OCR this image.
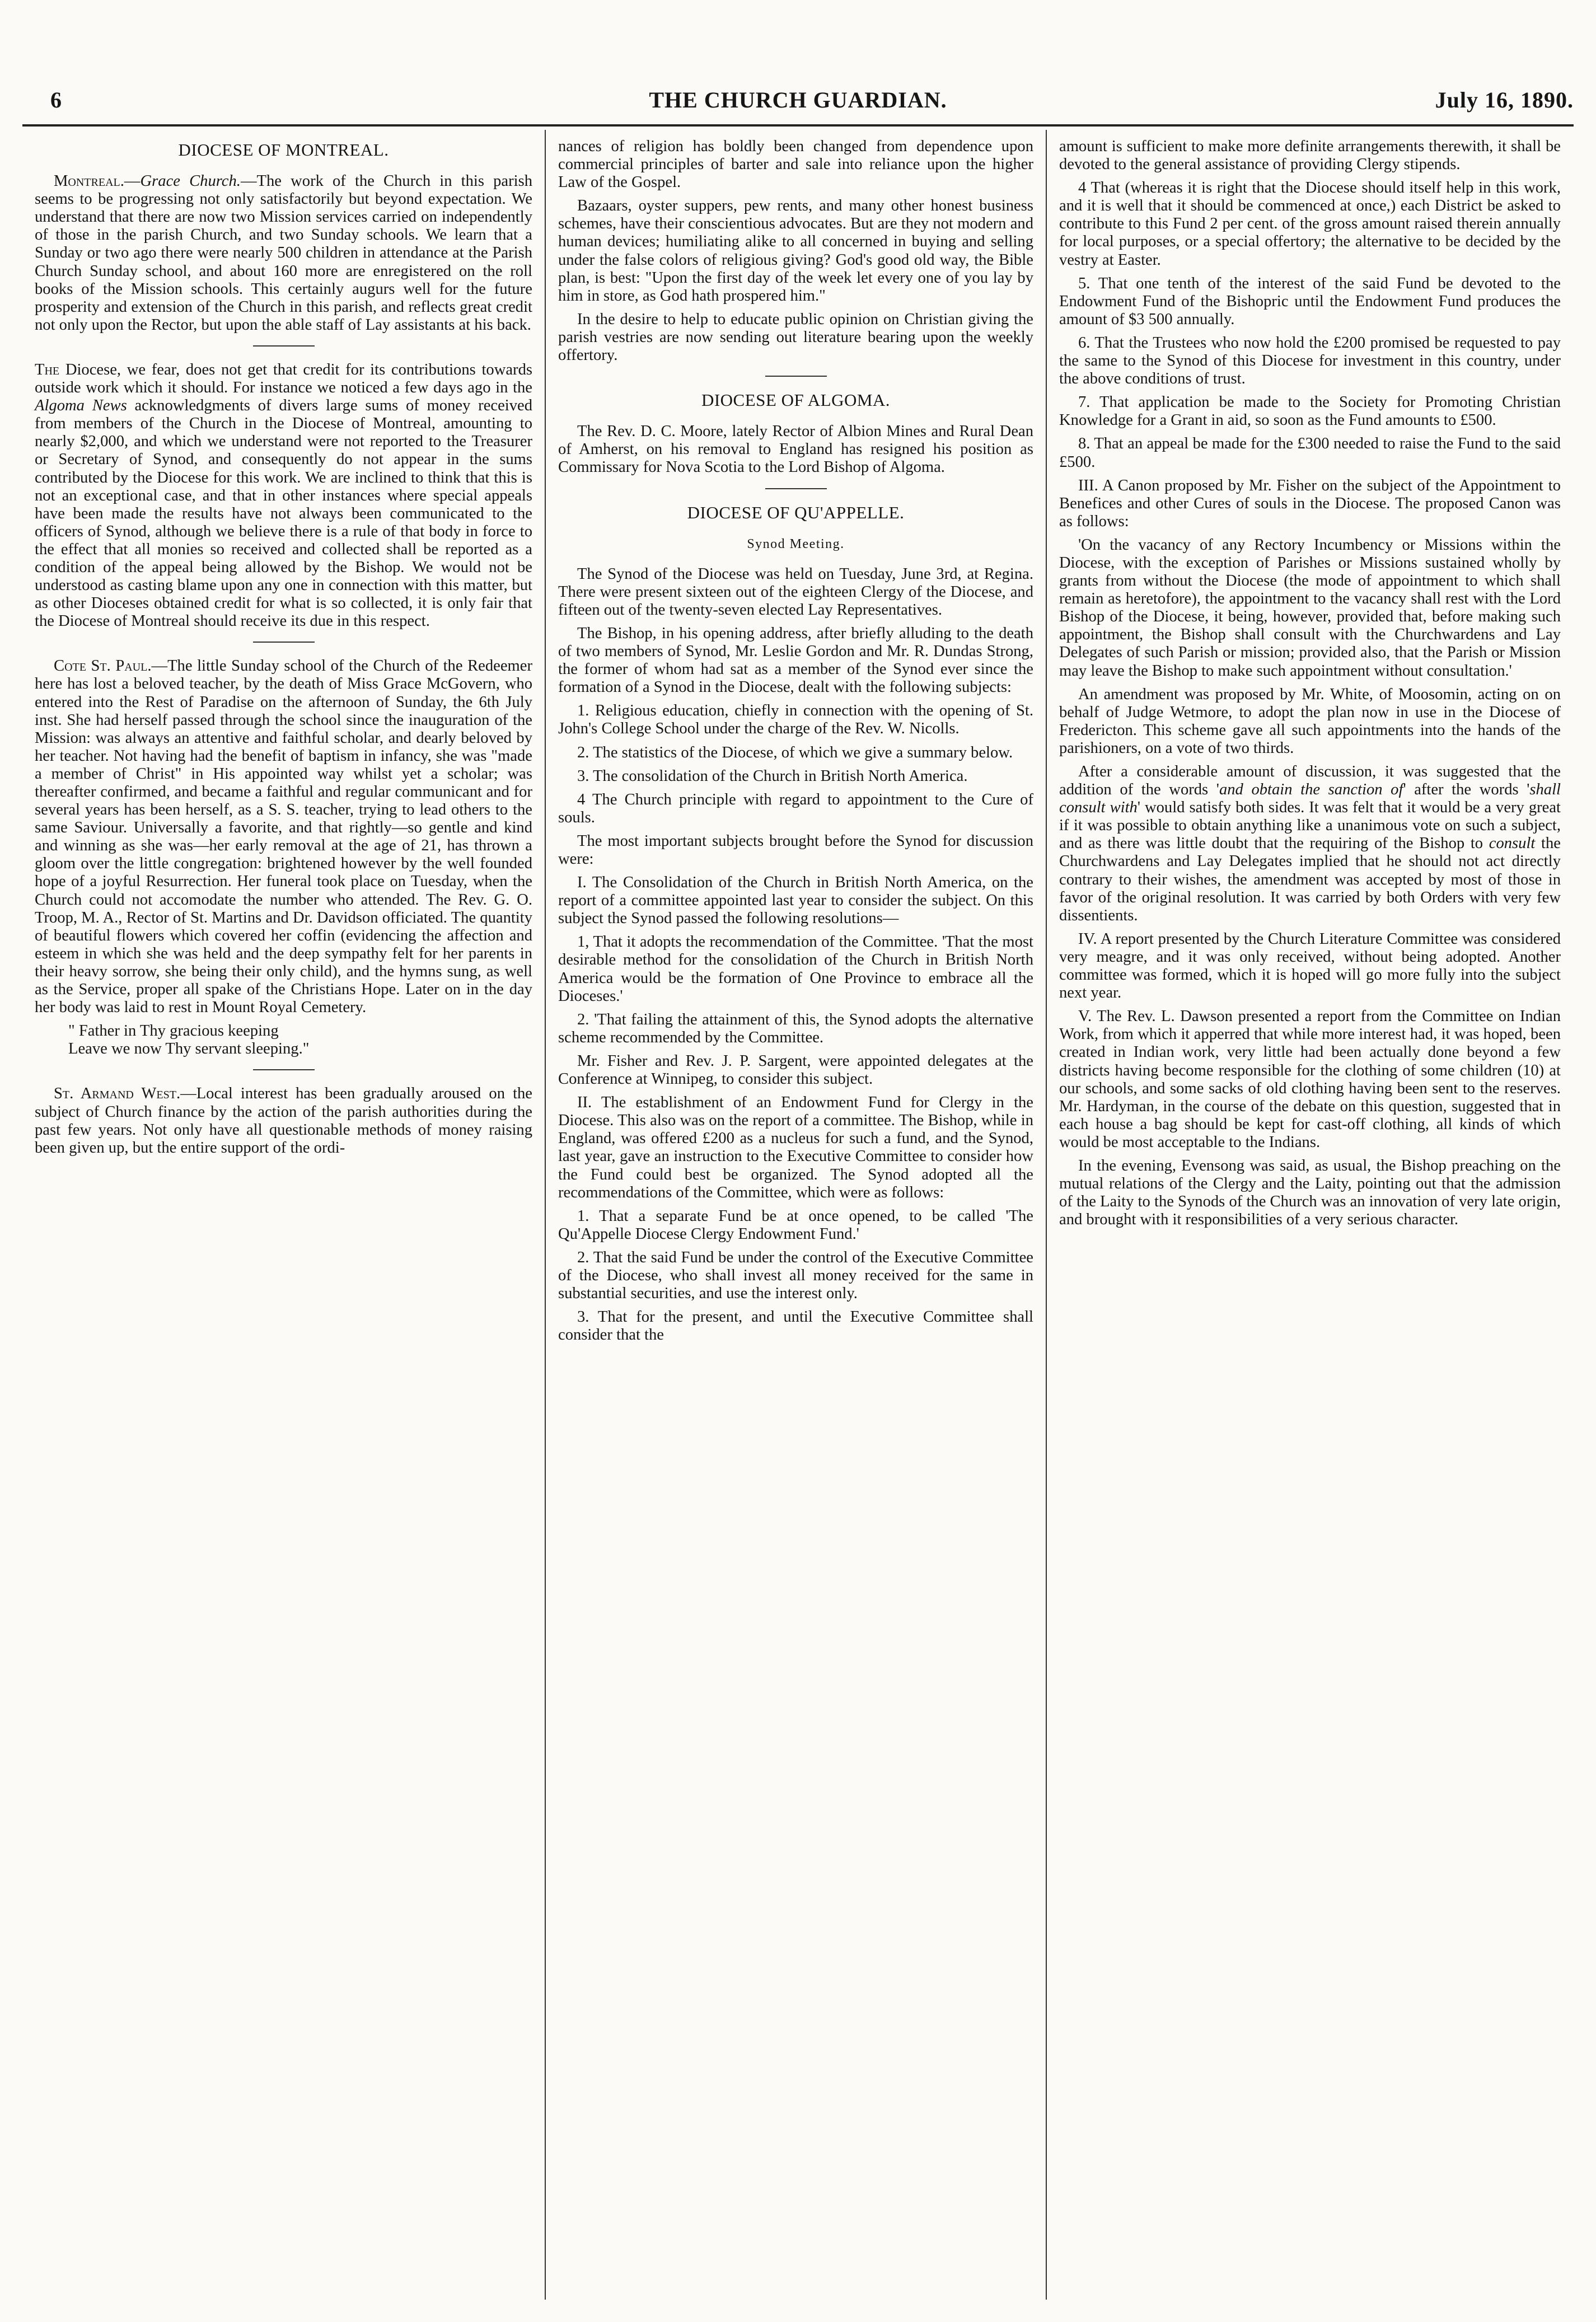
6	THE CHURCH GUARDIAN.	July 16, 1890.
DIOCESE OF MONTREAL.

Montreal.—Grace Church.—The work of the Church in this parish seems to be progressing not only satisfactorily but beyond expectation. We understand that there are now two Mission services carried on independently of those in the parish Church, and two Sunday schools. We learn that a Sunday or two ago there were nearly 500 children in attendance at the Parish Church Sunday school, and about 160 more are enregistered on the roll books of the Mission schools. This certainly augurs well for the future prosperity and extension of the Church in this parish, and reflects great credit not only upon the Rector, but upon the able staff of Lay assistants at his back.

The Diocese, we fear, does not get that credit for its contributions towards outside work which it should. For instance we noticed a few days ago in the Algoma News acknowledgments of divers large sums of money received from members of the Church in the Diocese of Montreal, amounting to nearly $2,000, and which we understand were not reported to the Treasurer or Secretary of Synod, and consequently do not appear in the sums contributed by the Diocese for this work. We are inclined to think that this is not an exceptional case, and that in other instances where special appeals have been made the results have not always been communicated to the officers of Synod, although we believe there is a rule of that body in force to the effect that all monies so received and collected shall be reported as a condition of the appeal being allowed by the Bishop. We would not be understood as casting blame upon any one in connection with this matter, but as other Dioceses obtained credit for what is so collected, it is only fair that the Diocese of Montreal should receive its due in this respect.

Cote St. Paul.—The little Sunday school of the Church of the Redeemer here has lost a beloved teacher, by the death of Miss Grace McGovern, who entered into the Rest of Paradise on the afternoon of Sunday, the 6th July inst. She had herself passed through the school since the inauguration of the Mission: was always an attentive and faithful scholar, and dearly beloved by her teacher. Not having had the benefit of baptism in infancy, she was "made a member of Christ" in His appointed way whilst yet a scholar; was thereafter confirmed, and became a faithful and regular communicant and for several years has been herself, as a S. S. teacher, trying to lead others to the same Saviour. Universally a favorite, and that rightly—so gentle and kind and winning as she was—her early removal at the age of 21, has thrown a gloom over the little congregation: brightened however by the well founded hope of a joyful Resurrection. Her funeral took place on Tuesday, when the Church could not accomodate the number who attended. The Rev. G. O. Troop, M. A., Rector of St. Martins and Dr. Davidson officiated. The quantity of beautiful flowers which covered her coffin (evidencing the affection and esteem in which she was held and the deep sympathy felt for her parents in their heavy sorrow, she being their only child), and the hymns sung, as well as the Service, proper all spake of the Christians Hope. Later on in the day her body was laid to rest in Mount Royal Cemetery.

" Father in Thy gracious keeping
Leave we now Thy servant sleeping."

St. Armand West.—Local interest has been gradually aroused on the subject of Church finance by the action of the parish authorities during the past few years. Not only have all questionable methods of money raising been given up, but the entire support of the ordi-

nances of religion has boldly been changed from dependence upon commercial principles of barter and sale into reliance upon the higher Law of the Gospel.

Bazaars, oyster suppers, pew rents, and many other honest business schemes, have their conscientious advocates. But are they not modern and human devices; humiliating alike to all concerned in buying and selling under the false colors of religious giving? God's good old way, the Bible plan, is best: "Upon the first day of the week let every one of you lay by him in store, as God hath prospered him."

In the desire to help to educate public opinion on Christian giving the parish vestries are now sending out literature bearing upon the weekly offertory.

DIOCESE OF ALGOMA.

The Rev. D. C. Moore, lately Rector of Albion Mines and Rural Dean of Amherst, on his removal to England has resigned his position as Commissary for Nova Scotia to the Lord Bishop of Algoma.

DIOCESE OF QU'APPELLE.
Synod Meeting.

The Synod of the Diocese was held on Tuesday, June 3rd, at Regina. There were present sixteen out of the eighteen Clergy of the Diocese, and fifteen out of the twenty-seven elected Lay Representatives.

The Bishop, in his opening address, after briefly alluding to the death of two members of Synod, Mr. Leslie Gordon and Mr. R. Dundas Strong, the former of whom had sat as a member of the Synod ever since the formation of a Synod in the Diocese, dealt with the following subjects:

1. Religious education, chiefly in connection with the opening of St. John's College School under the charge of the Rev. W. Nicolls.

2. The statistics of the Diocese, of which we give a summary below.

3. The consolidation of the Church in British North America.

4 The Church principle with regard to appointment to the Cure of souls.

The most important subjects brought before the Synod for discussion were:

I. The Consolidation of the Church in British North America, on the report of a committee appointed last year to consider the subject. On this subject the Synod passed the following resolutions—

1, That it adopts the recommendation of the Committee. 'That the most desirable method for the consolidation of the Church in British North America would be the formation of One Province to embrace all the Dioceses.'

2. 'That failing the attainment of this, the Synod adopts the alternative scheme recommended by the Committee.

Mr. Fisher and Rev. J. P. Sargent, were appointed delegates at the Conference at Winnipeg, to consider this subject.

II. The establishment of an Endowment Fund for Clergy in the Diocese. This also was on the report of a committee. The Bishop, while in England, was offered £200 as a nucleus for such a fund, and the Synod, last year, gave an instruction to the Executive Committee to consider how the Fund could best be organized. The Synod adopted all the recommendations of the Committee, which were as follows:

1. That a separate Fund be at once opened, to be called 'The Qu'Appelle Diocese Clergy Endowment Fund.'

2. That the said Fund be under the control of the Executive Committee of the Diocese, who shall invest all money received for the same in substantial securities, and use the interest only.

3. That for the present, and until the Executive Committee shall consider that the

amount is sufficient to make more definite arrangements therewith, it shall be devoted to the general assistance of providing Clergy stipends.

4 That (whereas it is right that the Diocese should itself help in this work, and it is well that it should be commenced at once,) each District be asked to contribute to this Fund 2 per cent. of the gross amount raised therein annually for local purposes, or a special offertory; the alternative to be decided by the vestry at Easter.

5. That one tenth of the interest of the said Fund be devoted to the Endowment Fund of the Bishopric until the Endowment Fund produces the amount of $3 500 annually.

6. That the Trustees who now hold the £200 promised be requested to pay the same to the Synod of this Diocese for investment in this country, under the above conditions of trust.

7. That application be made to the Society for Promoting Christian Knowledge for a Grant in aid, so soon as the Fund amounts to £500.

8. That an appeal be made for the £300 needed to raise the Fund to the said £500.

III. A Canon proposed by Mr. Fisher on the subject of the Appointment to Benefices and other Cures of souls in the Diocese. The proposed Canon was as follows:

'On the vacancy of any Rectory Incumbency or Missions within the Diocese, with the exception of Parishes or Missions sustained wholly by grants from without the Diocese (the mode of appointment to which shall remain as heretofore), the appointment to the vacancy shall rest with the Lord Bishop of the Diocese, it being, however, provided that, before making such appointment, the Bishop shall consult with the Churchwardens and Lay Delegates of such Parish or mission; provided also, that the Parish or Mission may leave the Bishop to make such appointment without consultation.'

An amendment was proposed by Mr. White, of Moosomin, acting on on behalf of Judge Wetmore, to adopt the plan now in use in the Diocese of Fredericton. This scheme gave all such appointments into the hands of the parishioners, on a vote of two thirds.

After a considerable amount of discussion, it was suggested that the addition of the words 'and obtain the sanction of' after the words 'shall consult with' would satisfy both sides. It was felt that it would be a very great if it was possible to obtain anything like a unanimous vote on such a subject, and as there was little doubt that the requiring of the Bishop to consult the Churchwardens and Lay Delegates implied that he should not act directly contrary to their wishes, the amendment was accepted by most of those in favor of the original resolution. It was carried by both Orders with very few dissentients.

IV. A report presented by the Church Literature Committee was considered very meagre, and it was only received, without being adopted. Another committee was formed, which it is hoped will go more fully into the subject next year.

V. The Rev. L. Dawson presented a report from the Committee on Indian Work, from which it apperred that while more interest had, it was hoped, been created in Indian work, very little had been actually done beyond a few districts having become responsible for the clothing of some children (10) at our schools, and some sacks of old clothing having been sent to the reserves. Mr. Hardyman, in the course of the debate on this question, suggested that in each house a bag should be kept for cast-off clothing, all kinds of which would be most acceptable to the Indians.

In the evening, Evensong was said, as usual, the Bishop preaching on the mutual relations of the Clergy and the Laity, pointing out that the admission of the Laity to the Synods of the Church was an innovation of very late origin, and brought with it responsibilities of a very serious character.
